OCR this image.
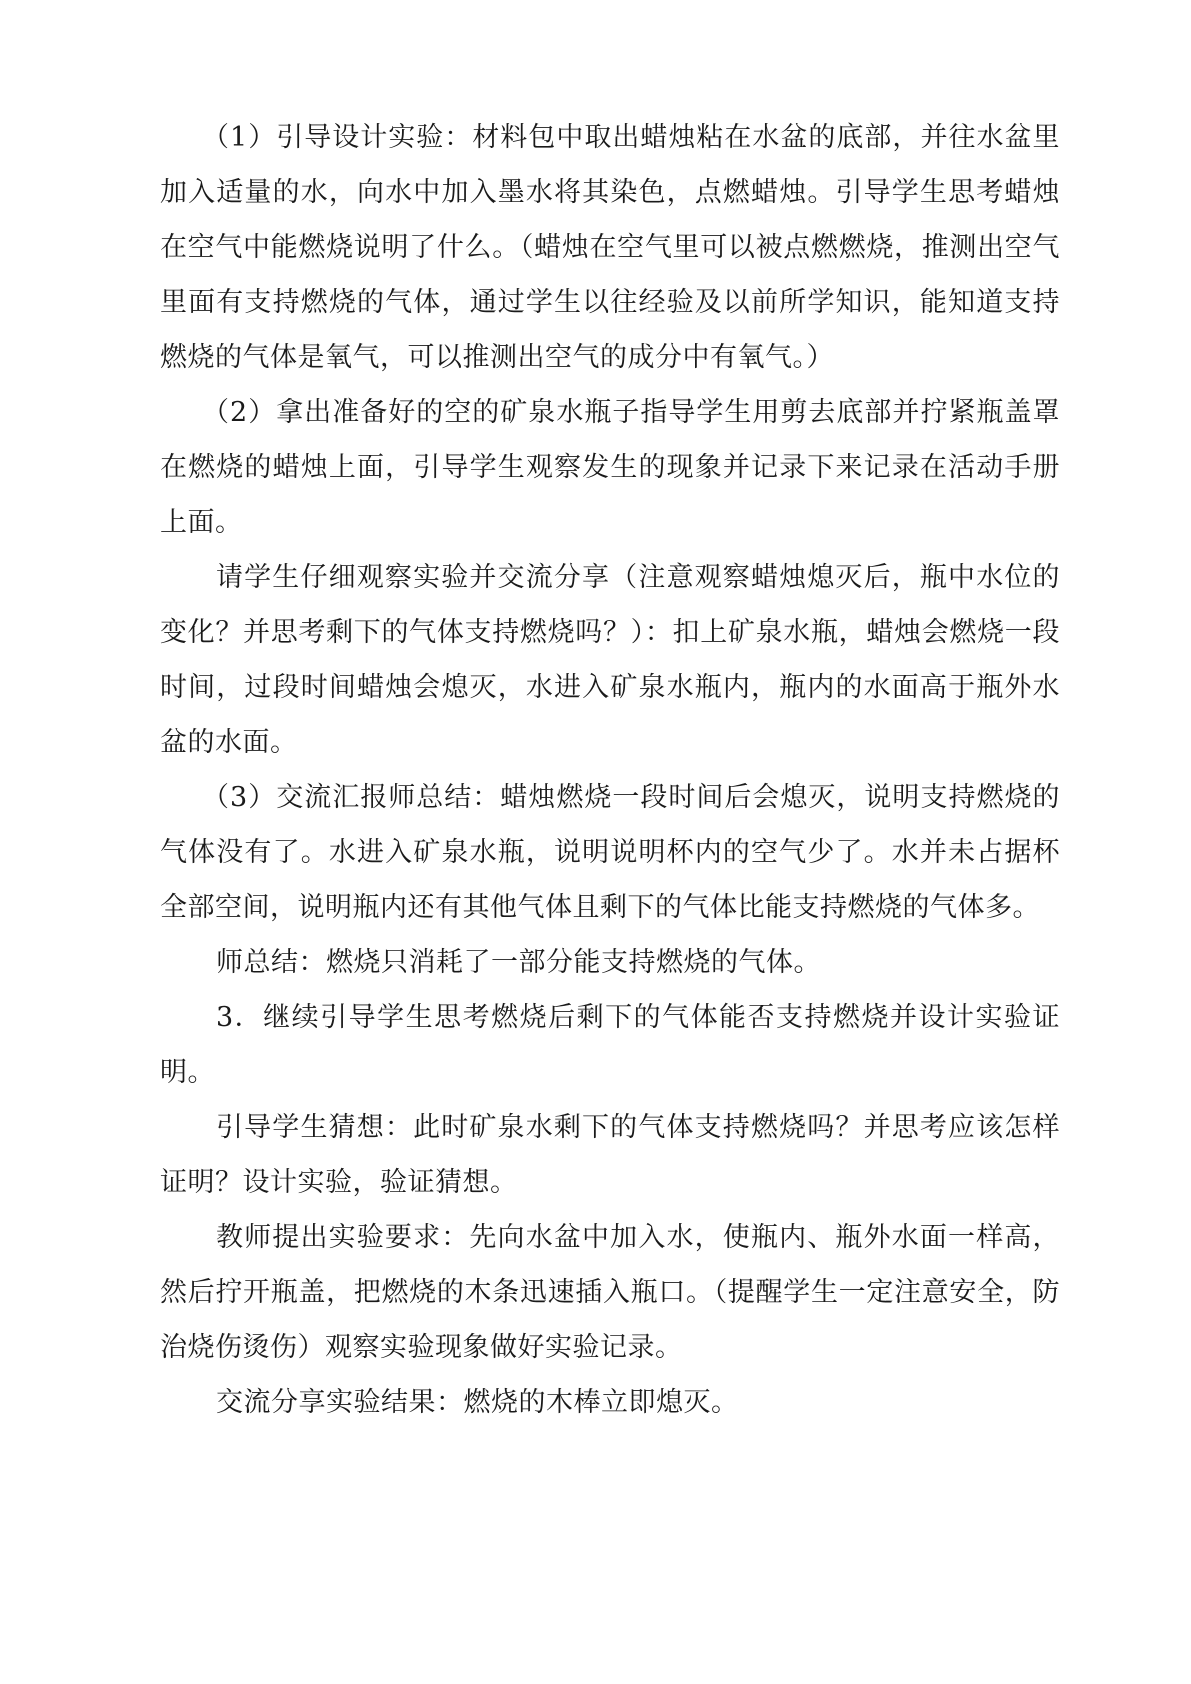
（1）引导设计实验：材料包中取出蜡烛粘在水盆的底部，并往水盆里加入适量的水，向水中加入墨水将其染色，点燃蜡烛。引导学生思考蜡烛在空气中能燃烧说明了什么。（蜡烛在空气里可以被点燃燃烧，推测出空气里面有支持燃烧的气体，通过学生以往经验及以前所学知识，能知道支持燃烧的气体是氧气，可以推测出空气的成分中有氧气。）

（2）拿出准备好的空的矿泉水瓶子指导学生用剪去底部并拧紧瓶盖罩在燃烧的蜡烛上面，引导学生观察发生的现象并记录下来记录在活动手册上面。

请学生仔细观察实验并交流分享（注意观察蜡烛熄灭后，瓶中水位的变化？并思考剩下的气体支持燃烧吗？）：扣上矿泉水瓶，蜡烛会燃烧一段时间，过段时间蜡烛会熄灭，水进入矿泉水瓶内，瓶内的水面高于瓶外水盆的水面。

（3）交流汇报师总结：蜡烛燃烧一段时间后会熄灭，说明支持燃烧的气体没有了。水进入矿泉水瓶，说明说明杯内的空气少了。水并未占据杯全部空间，说明瓶内还有其他气体且剩下的气体比能支持燃烧的气体多。

师总结：燃烧只消耗了一部分能支持燃烧的气体。

3．继续引导学生思考燃烧后剩下的气体能否支持燃烧并设计实验证明。

引导学生猜想：此时矿泉水剩下的气体支持燃烧吗？并思考应该怎样证明？设计实验，验证猜想。

教师提出实验要求：先向水盆中加入水，使瓶内、瓶外水面一样高，然后拧开瓶盖，把燃烧的木条迅速插入瓶口。（提醒学生一定注意安全，防治烧伤烫伤）观察实验现象做好实验记录。

交流分享实验结果：燃烧的木棒立即熄灭。
